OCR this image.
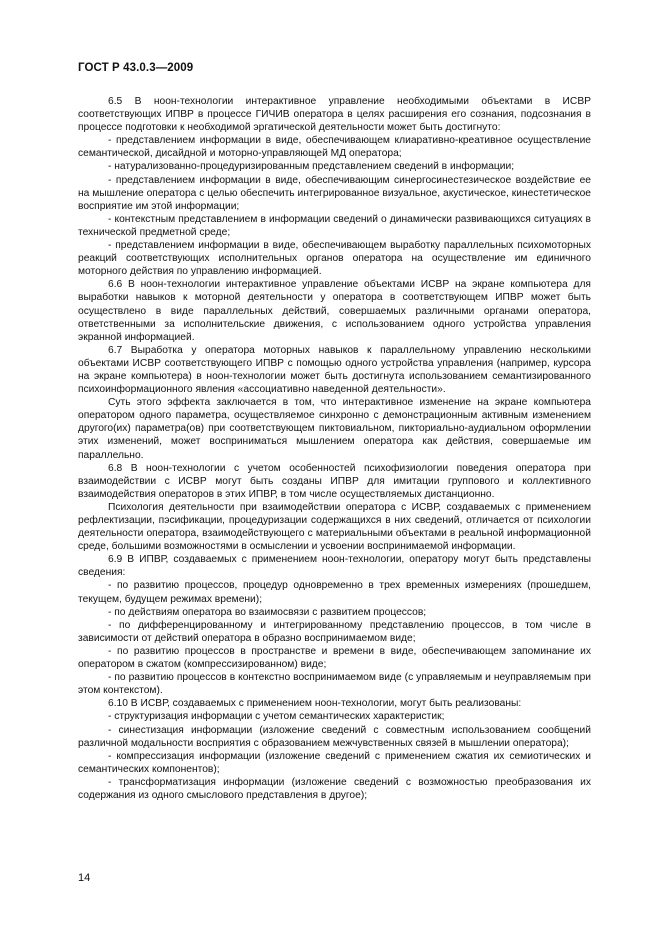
ГОСТ Р 43.0.3—2009

6.5 В ноон-технологии интерактивное управление необходимыми объектами в ИСВР соответствующих ИПВР в процессе ГИЧИВ оператора в целях расширения его сознания, подсознания в процессе подготовки к необходимой эргатической деятельности может быть достигнуто:

- представлением информации в виде, обеспечивающем клиаративно-креативное осуществление семантической, дисайдной и моторно-управляющей МД оператора;

- натурализованно-процедуризированным представлением сведений в информации;

- представлением информации в виде, обеспечивающим синергосинестезическое воздействие ее на мышление оператора с целью обеспечить интегрированное визуальное, акустическое, кинестетическое восприятие им этой информации;

- контекстным представлением в информации сведений о динамически развивающихся ситуациях в технической предметной среде;

- представлением информации в виде, обеспечивающем выработку параллельных психомоторных реакций соответствующих исполнительных органов оператора на осуществление им единичного моторного действия по управлению информацией.

6.6 В ноон-технологии интерактивное управление объектами ИСВР на экране компьютера для выработки навыков к моторной деятельности у оператора в соответствующем ИПВР может быть осуществлено в виде параллельных действий, совершаемых различными органами оператора, ответственными за исполнительские движения, с использованием одного устройства управления экранной информацией.

6.7 Выработка у оператора моторных навыков к параллельному управлению несколькими объектами ИСВР соответствующего ИПВР с помощью одного устройства управления (например, курсора на экране компьютера) в ноон-технологии может быть достигнута использованием семантизированного психоинформационного явления «ассоциативно наведенной деятельности».

Суть этого эффекта заключается в том, что интерактивное изменение на экране компьютера оператором одного параметра, осуществляемое синхронно с демонстрационным активным изменением другого(их) параметра(ов) при соответствующем пиктовиальном, пикториально-аудиальном оформлении этих изменений, может восприниматься мышлением оператора как действия, совершаемые им параллельно.

6.8 В ноон-технологии с учетом особенностей психофизиологии поведения оператора при взаимодействии с ИСВР могут быть созданы ИПВР для имитации группового и коллективного взаимодействия операторов в этих ИПВР, в том числе осуществляемых дистанционно.

Психология деятельности при взаимодействии оператора с ИСВР, создаваемых с применением рефлектизации, пэсификации, процедуризации содержащихся в них сведений, отличается от психологии деятельности оператора, взаимодействующего с материальными объектами в реальной информационной среде, большими возможностями в осмыслении и усвоении воспринимаемой информации.

6.9 В ИПВР, создаваемых с применением ноон-технологии, оператору могут быть представлены сведения:

- по развитию процессов, процедур одновременно в трех временных измерениях (прошедшем, текущем, будущем режимах времени);

- по действиям оператора во взаимосвязи с развитием процессов;

- по дифференцированному и интегрированному представлению процессов, в том числе в зависимости от действий оператора в образно воспринимаемом виде;

- по развитию процессов в пространстве и времени в виде, обеспечивающем запоминание их оператором в сжатом (компрессизированном) виде;

- по развитию процессов в контекстно воспринимаемом виде (с управляемым и неуправляемым при этом контекстом).

6.10 В ИСВР, создаваемых с применением ноон-технологии, могут быть реализованы:

- структуризация информации с учетом семантических характеристик;

- синестизация информации (изложение сведений с совместным использованием сообщений различной модальности восприятия с образованием межчувственных связей в мышлении оператора);

- компрессизация информации (изложение сведений с применением сжатия их семиотических и семантических компонентов);

- трансформатизация информации (изложение сведений с возможностью преобразования их содержания из одного смыслового представления в другое);

14
